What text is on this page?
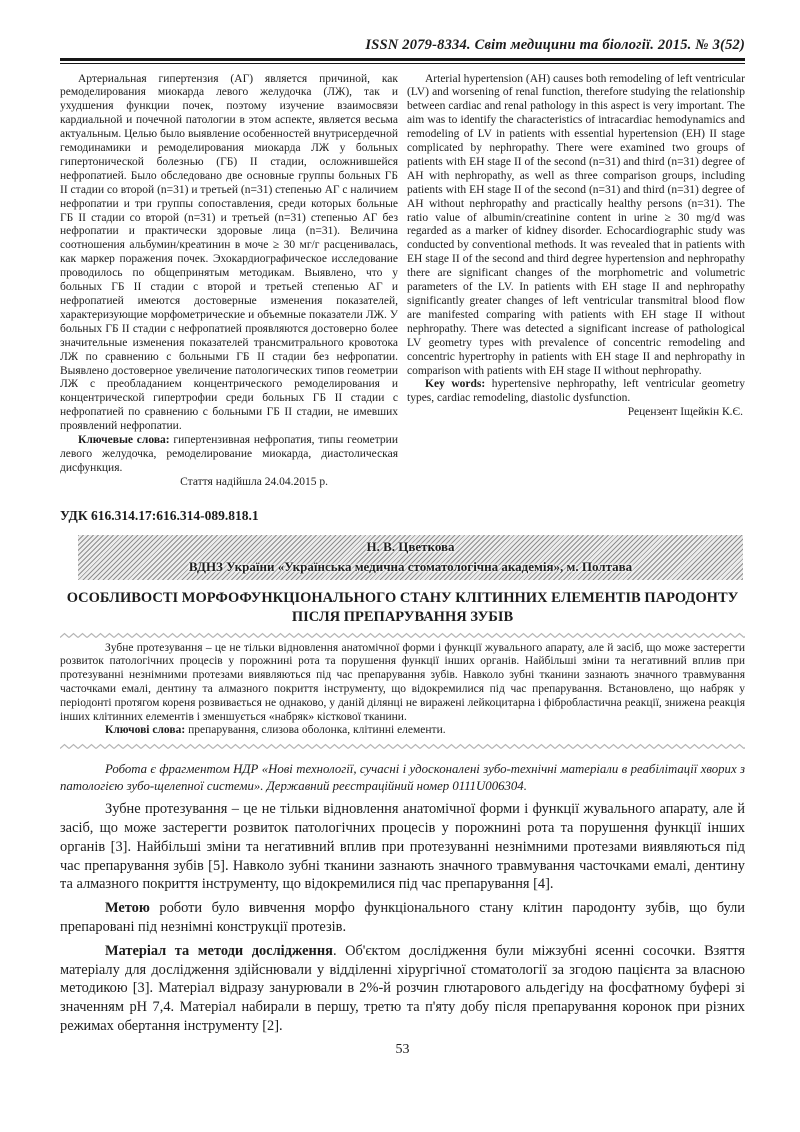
ISSN 2079-8334. Світ медицини та біології. 2015. № 3(52)

Артериальная гипертензия (АГ) является причиной, как ремоделирования миокарда левого желудочка (ЛЖ), так и ухудшения функции почек, поэтому изучение взаимосвязи кардиальной и почечной патологии в этом аспекте, является весьма актуальным. Целью было выявление особенностей внутрисердечной гемодинамики и ремоделирования миокарда ЛЖ у больных гипертонической болезнью (ГБ) II стадии, осложнившейся нефропатией. Было обследовано две основные группы больных ГБ II стадии со второй (n=31) и третьей (n=31) степенью АГ с наличием нефропатии и три группы сопоставления, среди которых больные ГБ II стадии со второй (n=31) и третьей (n=31) степенью АГ без нефропатии и практически здоровые лица (n=31). Величина соотношения альбумин/креатинин в моче ≥ 30 мг/г расценивалась, как маркер поражения почек. Эхокардиографическое исследование проводилось по общепринятым методикам. Выявлено, что у больных ГБ II стадии с второй и третьей степенью АГ и нефропатией имеются достоверные изменения показателей, характеризующие морфометрические и объемные показатели ЛЖ. У больных ГБ II стадии с нефропатией проявляются достоверно более значительные изменения показателей трансмитрального кровотока ЛЖ по сравнению с больными ГБ II стадии без нефропатии. Выявлено достоверное увеличение патологических типов геометрии ЛЖ с преобладанием концентрического ремоделирования и концентрической гипертрофии среди больных ГБ II стадии с нефропатией по сравнению с больными ГБ II стадии, не имевших проявлений нефропатии.

Ключевые слова: гипертензивная нефропатия, типы геометрии левого желудочка, ремоделирование миокарда, диастолическая дисфункция.

Стаття надійшла 24.04.2015 р.

Arterial hypertension (AH) causes both remodeling of left ventricular (LV) and worsening of renal function, therefore studying the relationship between cardiac and renal pathology in this aspect is very important. The aim was to identify the characteristics of intracardiac hemodynamics and remodeling of LV in patients with essential hypertension (EH) II stage complicated by nephropathy. There were examined two groups of patients with EH stage II of the second (n=31) and third (n=31) degree of AH with nephropathy, as well as three comparison groups, including patients with EH stage II of the second (n=31) and third (n=31) degree of AH without nephropathy and practically healthy persons (n=31). The ratio value of albumin/creatinine content in urine ≥ 30 mg/d was regarded as a marker of kidney disorder. Echocardiographic study was conducted by conventional methods. It was revealed that in patients with EH stage II of the second and third degree hypertension and nephropathy there are significant changes of the morphometric and volumetric parameters of the LV. In patients with EH stage II and nephropathy significantly greater changes of left ventricular transmitral blood flow are manifested comparing with patients with EH stage II without nephropathy. There was detected a significant increase of pathological LV geometry types with prevalence of concentric remodeling and concentric hypertrophy in patients with EH stage II and nephropathy in comparison with patients with EH stage II without nephropathy.

Key words: hypertensive nephropathy, left ventricular geometry types, cardiac remodeling, diastolic dysfunction.

Рецензент Іщейкін К.Є.

УДК 616.314.17:616.314-089.818.1
Н. В. Цветкова
ВДНЗ України «Українська медична стоматологічна академія», м. Полтава
ОСОБЛИВОСТІ МОРФОФУНКЦІОНАЛЬНОГО СТАНУ КЛІТИННИХ ЕЛЕМЕНТІВ ПАРОДОНТУ ПІСЛЯ ПРЕПАРУВАННЯ ЗУБІВ

Зубне протезування – це не тільки відновлення анатомічної форми і функції жувального апарату, але й засіб, що може застерегти розвиток патологічних процесів у порожнині рота та порушення функції інших органів. Найбільші зміни та негативний вплив при протезуванні незнімними протезами виявляються під час препарування зубів. Навколо зубні тканини зазнають значного травмування часточками емалі, дентину та алмазного покриття інструменту, що відокремилися під час препарування. Встановлено, що набряк у періодонті протягом кореня розвивається не однаково, у даній ділянці не виражені лейкоцитарна і фібробластична реакції, знижена реакція інших клітинних елементів і зменшується «набряк» кісткової тканини.

Ключові слова: препарування, слизова оболонка, клітинні елементи.

Робота є фрагментом НДР «Нові технології, сучасні і удосконалені зубо-технічні матеріали в реабілітації хворих з патологією зубо-щелепної системи». Державний реєстраційний номер 0111U006304.

Зубне протезування – це не тільки відновлення анатомічної форми і функції жувального апарату, але й засіб, що може застерегти розвиток патологічних процесів у порожнині рота та порушення функції інших органів [3]. Найбільші зміни та негативний вплив при протезуванні незнімними протезами виявляються під час препарування зубів [5]. Навколо зубні тканини зазнають значного травмування часточками емалі, дентину та алмазного покриття інструменту, що відокремилися під час препарування [4].

Метою роботи було вивчення морфо функціонального стану клітин пародонту зубів, що були препаровані під незнімні конструкції протезів.

Матеріал та методи дослідження. Об'єктом дослідження були міжзубні ясенні сосочки. Взяття матеріалу для дослідження здійснювали у відділенні хірургічної стоматології за згодою пацієнта за власною методикою [3]. Матеріал відразу занурювали в 2%-й розчин глютарового альдегіду на фосфатному буфері зі значенням pH 7,4. Матеріал набирали в першу, третю та п'яту добу після препарування коронок при різних режимах обертання інструменту [2].

53
